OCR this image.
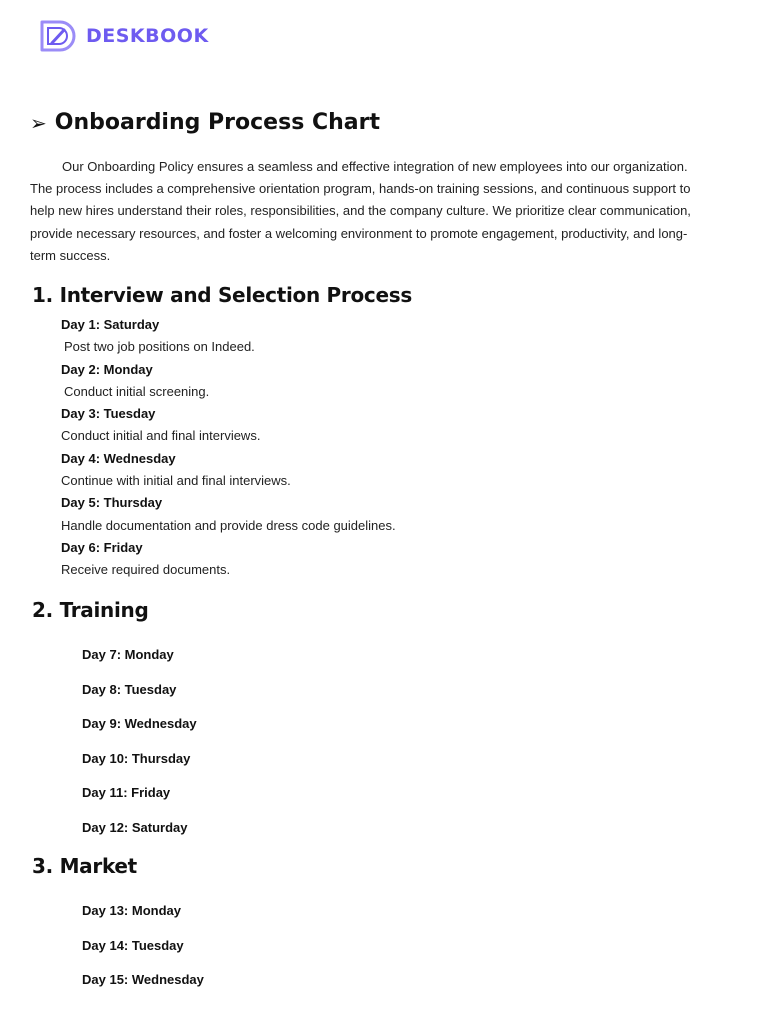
DESKBOOK
➢ Onboarding Process Chart

Our Onboarding Policy ensures a seamless and effective integration of new employees into our organization. The process includes a comprehensive orientation program, hands-on training sessions, and continuous support to help new hires understand their roles, responsibilities, and the company culture. We prioritize clear communication, provide necessary resources, and foster a welcoming environment to promote engagement, productivity, and long-term success.

1. Interview and Selection Process
Day 1: Saturday
Post two job positions on Indeed.
Day 2: Monday
Conduct initial screening.
Day 3: Tuesday
Conduct initial and final interviews.
Day 4: Wednesday
Continue with initial and final interviews.
Day 5: Thursday
Handle documentation and provide dress code guidelines.
Day 6: Friday
Receive required documents.
2. Training
Day 7: Monday
Day 8: Tuesday
Day 9: Wednesday
Day 10: Thursday
Day 11: Friday
Day 12: Saturday
3. Market
Day 13: Monday
Day 14: Tuesday
Day 15: Wednesday
